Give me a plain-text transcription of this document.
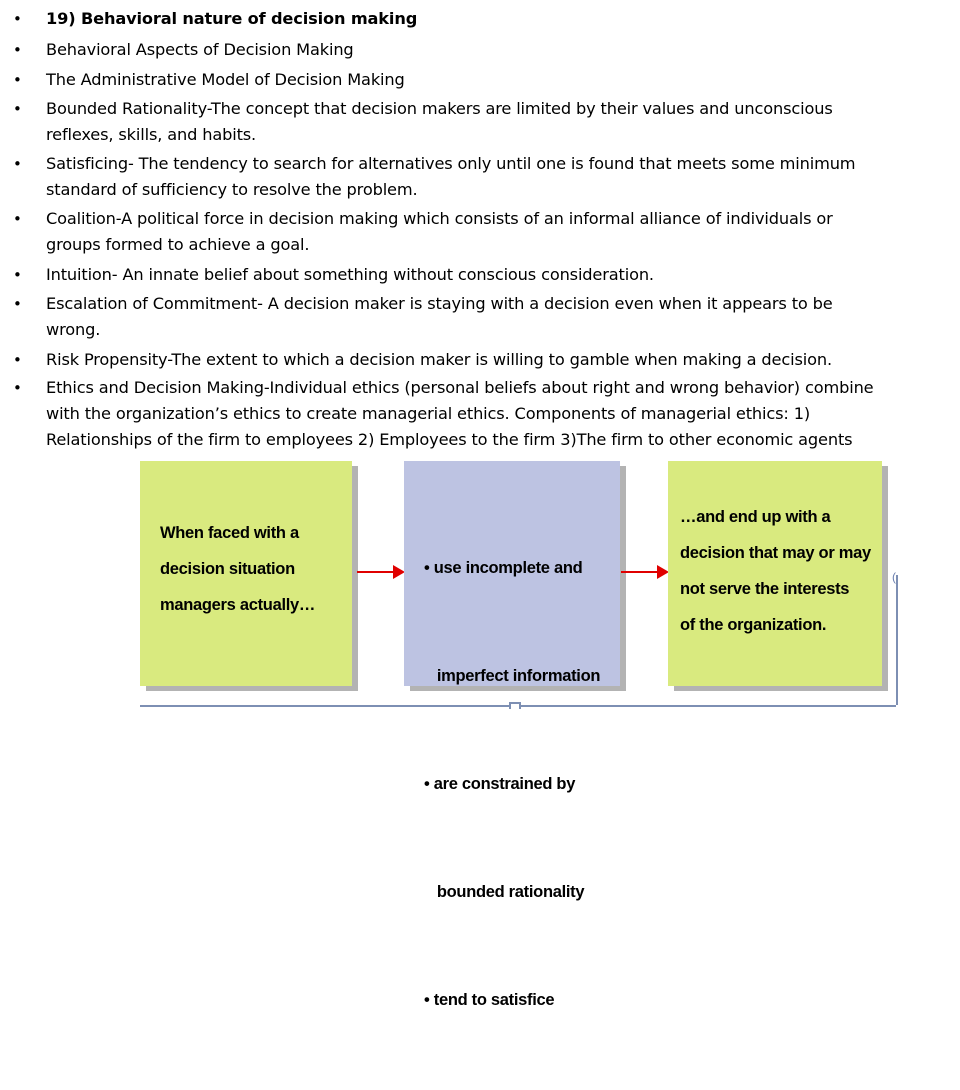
• 19) Behavioral nature of decision making
• Behavioral Aspects of Decision Making
• The Administrative Model of Decision Making
• Bounded Rationality-The concept that decision makers are limited by their values and unconscious
reflexes, skills, and habits.
• Satisficing- The tendency to search for alternatives only until one is found that meets some minimum
standard of sufficiency to resolve the problem.
• Coalition-A political force in decision making which consists of an informal alliance of individuals or
groups formed to achieve a goal.
• Intuition- An innate belief about something without conscious consideration.
• Escalation of Commitment- A decision maker is staying with a decision even when it appears to be
wrong.
• Risk Propensity-The extent to which a decision maker is willing to gamble when making a decision.
• Ethics and Decision Making-Individual ethics (personal beliefs about right and wrong behavior) combine
with the organization’s ethics to create managerial ethics. Components of managerial ethics: 1)
Relationships of the firm to employees 2) Employees to the firm 3)The firm to other economic agents
When faced with a
decision situation
managers actually…

• use incomplete and

imperfect information

• are constrained by

bounded rationality

• tend to satisfice

…and end up with a
decision that may or may
not serve the interests
of the organization.
(
